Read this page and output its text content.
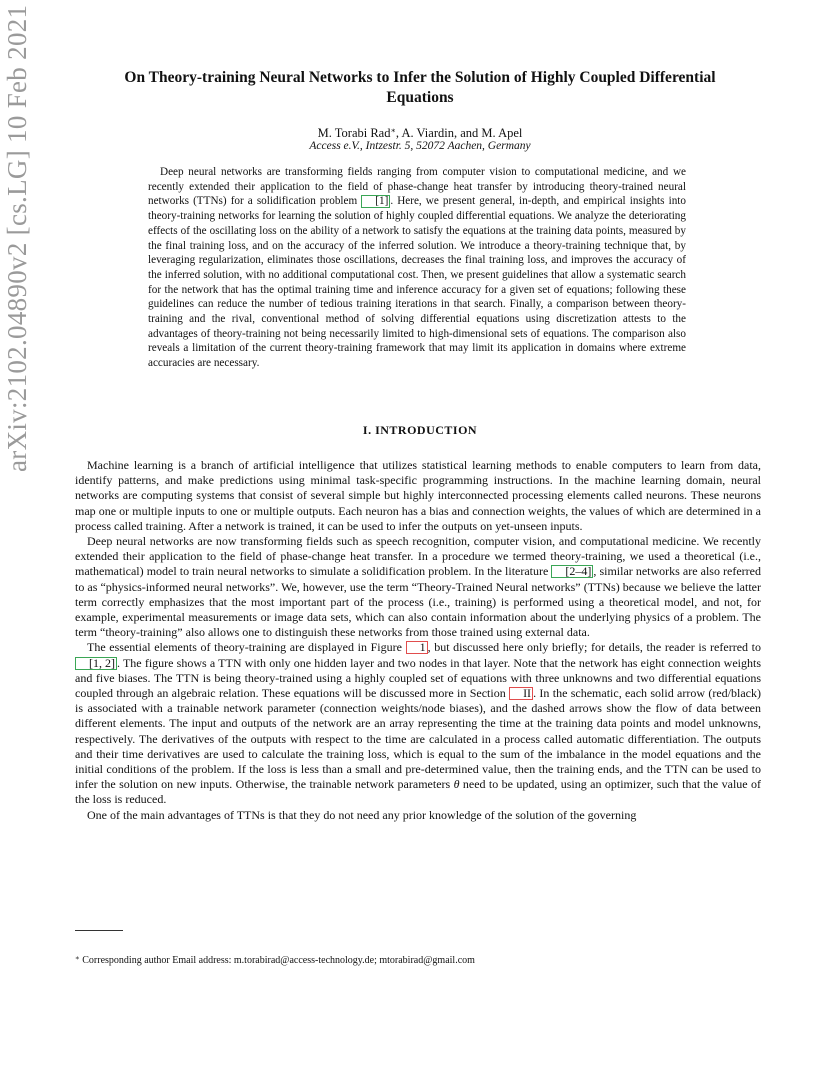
arXiv:2102.04890v2 [cs.LG] 10 Feb 2021	On Theory-training Neural Networks to Infer the Solution of Highly Coupled Differential Equations
M. Torabi Rad∗, A. Viardin, and M. Apel
Access e.V., Intzestr. 5, 52072 Aachen, Germany

Deep neural networks are transforming fields ranging from computer vision to computational medicine, and we recently extended their application to the field of phase-change heat transfer by introducing theory-trained neural networks (TTNs) for a solidification problem [1] . Here, we present general, in-depth, and empirical insights into theory-training networks for learning the solution of highly coupled differential equations. We analyze the deteriorating effects of the oscillating loss on the ability of a network to satisfy the equations at the training data points, measured by the final training loss, and on the accuracy of the inferred solution. We introduce a theory-training technique that, by leveraging regularization, eliminates those oscillations, decreases the final training loss, and improves the accuracy of the inferred solution, with no additional computational cost. Then, we present guidelines that allow a systematic search for the network that has the optimal training time and inference accuracy for a given set of equations; following these guidelines can reduce the number of tedious training iterations in that search. Finally, a comparison between theory-training and the rival, conventional method of solving differential equations using discretization attests to the advantages of theory-training not being necessarily limited to high-dimensional sets of equations. The comparison also reveals a limitation of the current theory-training framework that may limit its application in domains where extreme accuracies are necessary.

I. INTRODUCTION

Machine learning is a branch of artificial intelligence that utilizes statistical learning methods to enable computers to learn from data, identify patterns, and make predictions using minimal task-specific programming instructions. In the machine learning domain, neural networks are computing systems that consist of several simple but highly interconnected processing elements called neurons. These neurons map one or multiple inputs to one or multiple outputs. Each neuron has a bias and connection weights, the values of which are determined in a process called training. After a network is trained, it can be used to infer the outputs on yet-unseen inputs.

Deep neural networks are now transforming fields such as speech recognition, computer vision, and computational medicine. We recently extended their application to the field of phase-change heat transfer. In a procedure we termed theory-training, we used a theoretical (i.e., mathematical) model to train neural networks to simulate a solidification problem. In the literature [2–4] , similar networks are also referred to as “physics-informed neural networks”. We, however, use the term “Theory-Trained Neural networks” (TTNs) because we believe the latter term correctly emphasizes that the most important part of the process (i.e., training) is performed using a theoretical model, and not, for example, experimental measurements or image data sets, which can also contain information about the underlying physics of a problem. The term “theory-training” also allows one to distinguish these networks from those trained using external data.

The essential elements of theory-training are displayed in Figure 1 , but discussed here only briefly; for details, the reader is referred to [1, 2] . The figure shows a TTN with only one hidden layer and two nodes in that layer. Note that the network has eight connection weights and five biases. The TTN is being theory-trained using a highly coupled set of equations with three unknowns and two differential equations coupled through an algebraic relation. These equations will be discussed more in Section II . In the schematic, each solid arrow (red/black) is associated with a trainable network parameter (connection weights/node biases), and the dashed arrows show the flow of data between different elements. The input and outputs of the network are an array representing the time at the training data points and model unknowns, respectively. The derivatives of the outputs with respect to the time are calculated in a process called automatic differentiation. The outputs and their time derivatives are used to calculate the training loss, which is equal to the sum of the imbalance in the model equations and the initial conditions of the problem. If the loss is less than a small and pre-determined value, then the training ends, and the TTN can be used to infer the solution on new inputs. Otherwise, the trainable network parameters θ need to be updated, using an optimizer, such that the value of the loss is reduced.

One of the main advantages of TTNs is that they do not need any prior knowledge of the solution of the governing

∗ Corresponding author Email address: m.torabirad@access-technology.de; mtorabirad@gmail.com
